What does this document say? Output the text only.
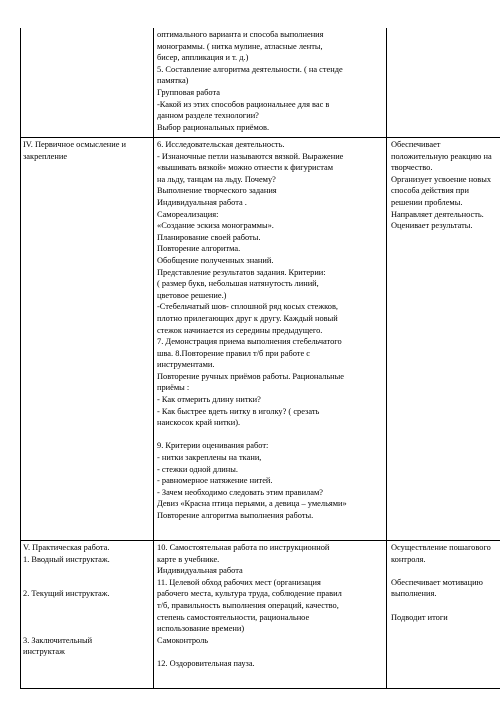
оптимального варианта и способа выполнения

монограммы. ( нитка мулине, атласные ленты,

бисер, аппликация и т. д.)

5. Составление алгоритма деятельности. ( на стенде

памятка)

Групповая работа

-Какой из этих способов рациональнее для вас в

данном разделе технологии?

Выбор рациональных приёмов.

IV. Первичное осмысление и

закрепление

6. Исследовательская деятельность.

- Изнаночные петли называются вязкой. Выражение

«вышивать вязкой» можно отнести к фигуристам

на льду, танцам на льду. Почему?

Выполнение творческого задания

Индивидуальная работа .

Самореализация:

«Создание эскиза монограммы».

Планирование своей работы.

Повторение алгоритма.

Обобщение полученных знаний.

Представление результатов задания. Критерии:

( размер букв, небольшая натянутость линий,

цветовое решение.)

-Стебельчатый шов- сплошной ряд косых стежков,

плотно прилегающих друг к другу. Каждый новый

стежок начинается из середины предыдущего.

7. Демонстрация приема выполнения стебельчатого

шва. 8.Повторение правил т/б при работе с

инструментами.

Повторение ручных приёмов работы. Рациональные

приёмы :

- Как отмерить длину нитки?

- Как быстрее вдеть нитку в иголку? ( срезать

наискосок край нитки).

9. Критерии оценивания работ:

- нитки закреплены на ткани,

- стежки одной длины.

- равномерное натяжение нитей.

- Зачем необходимо следовать этим правилам?

Девиз «Красна птица перьями, а девица – умельями»

Повторение алгоритма выполнения работы.

Обеспечивает

положительную реакцию на

творчество.

Организует усвоение новых

способа действия при

решении проблемы.

Направляет деятельность.

Оценивает результаты.

V. Практическая работа.

1. Вводный инструктаж.

2. Текущий инструктаж.

3. Заключительный

инструктаж

10. Самостоятельная работа по инструкционной

карте в учебнике.

Индивидуальная работа

11. Целевой обход рабочих мест (организация

рабочего места, культура труда, соблюдение правил

т/б, правильность выполнения операций, качество,

степень самостоятельности, рациональное

использование времени)

Самоконтроль

12. Оздоровительная пауза.

Осуществление пошагового

контроля.

Обеспечивает мотивацию

выполнения.

Подводит итоги
